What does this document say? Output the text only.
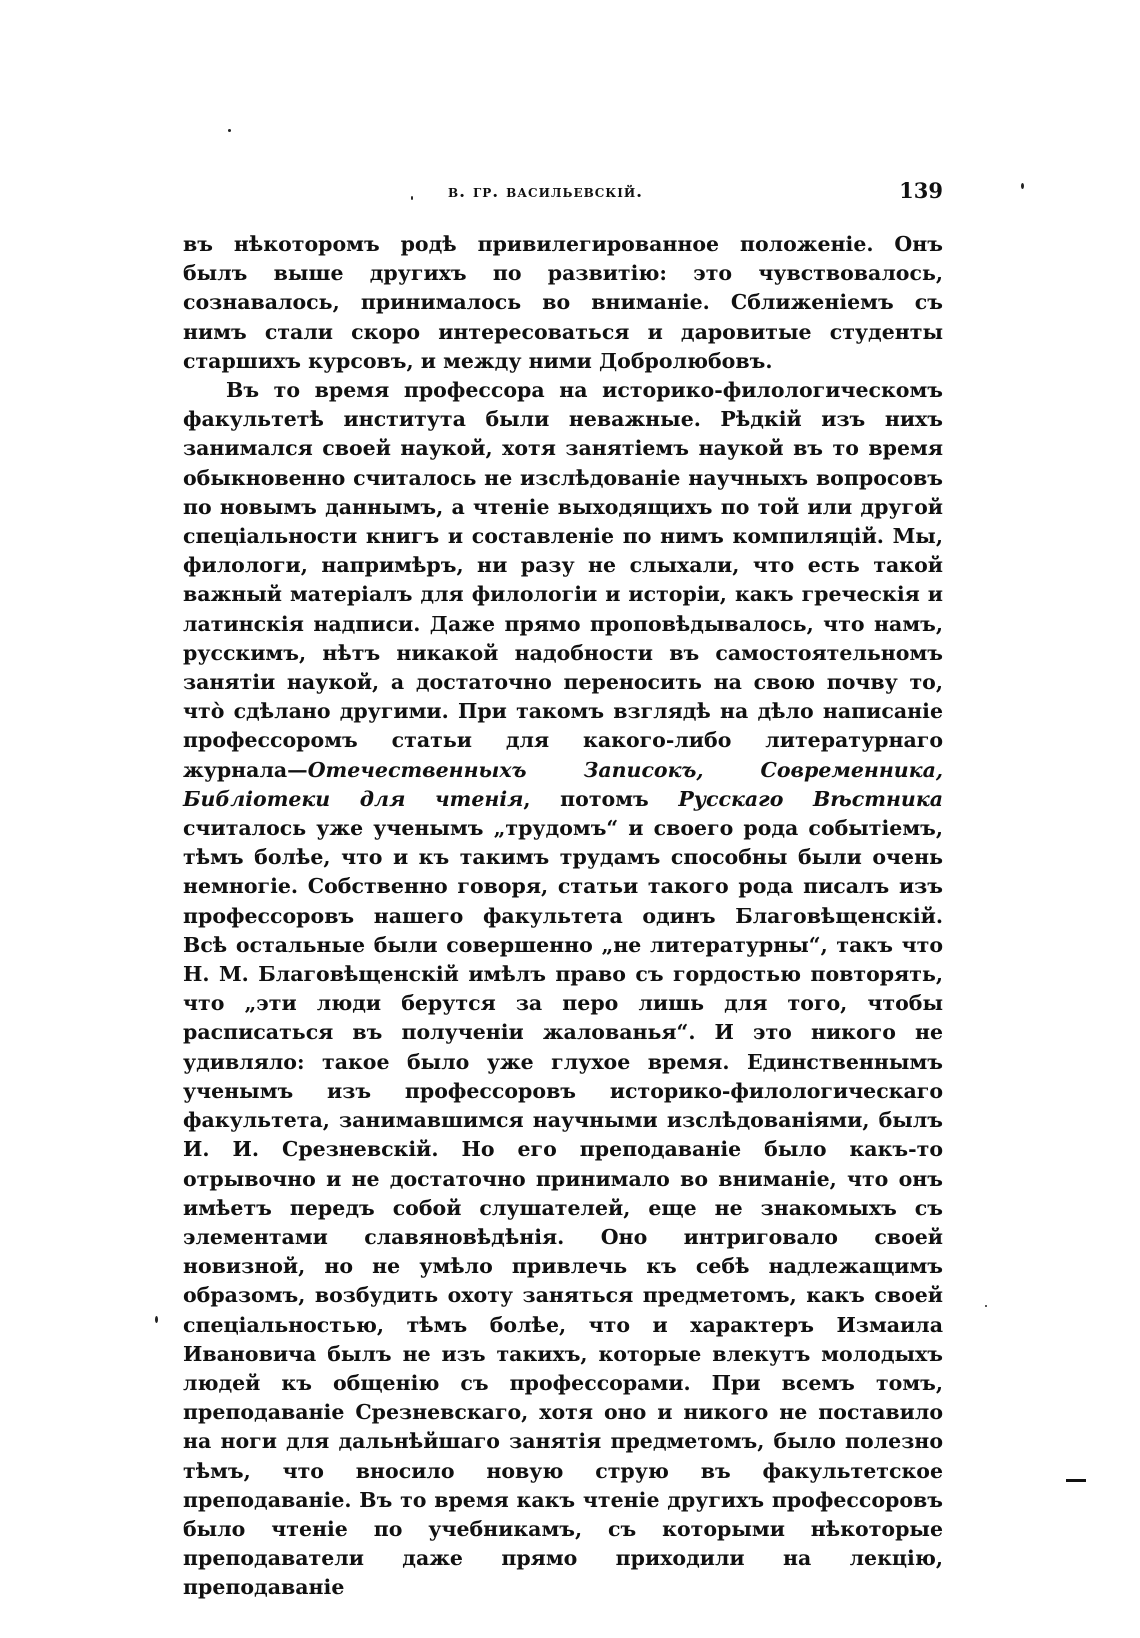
в. гр. васильевскій.	139

въ нѣкоторомъ родѣ привилегированное положеніе. Онъ былъ выше другихъ по развитію: это чувствовалось, сознавалось, принималось во вниманіе. Сближеніемъ съ нимъ стали скоро интересоваться и даровитые студенты старшихъ курсовъ, и между ними Добролюбовъ.

Въ то время профессора на историко-филологическомъ факультетѣ института были неважные. Рѣдкій изъ нихъ занимался своей наукой, хотя занятіемъ наукой въ то время обыкновенно считалось не изслѣдованіе научныхъ вопросовъ по новымъ даннымъ, а чтеніе выходящихъ по той или другой спеціальности книгъ и составленіе по нимъ компиляцій. Мы, филологи, напримѣръ, ни разу не слыхали, что есть такой важный матеріалъ для филологіи и исторіи, какъ греческія и латинскія надписи. Даже прямо проповѣдывалось, что намъ, русскимъ, нѣтъ никакой надобности въ самостоятельномъ занятіи наукой, а достаточно переносить на свою почву то, что̀ сдѣлано другими. При такомъ взглядѣ на дѣло написаніе профессоромъ статьи для какого-либо литературнаго журнала—Отечественныхъ Записокъ, Современника, Библіотеки для чтенія, потомъ Русскаго Вѣстника считалось уже ученымъ „трудомъ“ и своего рода событіемъ, тѣмъ болѣе, что и къ такимъ трудамъ способны были очень немногіе. Собственно говоря, статьи такого рода писалъ изъ профессоровъ нашего факультета одинъ Благовѣщенскій. Всѣ остальные были совершенно „не литературны“, такъ что Н. М. Благовѣщенскій имѣлъ право съ гордостью повторять, что „эти люди берутся за перо лишь для того, чтобы расписаться въ полученіи жалованья“. И это никого не удивляло: такое было уже глухое время. Единственнымъ ученымъ изъ профессоровъ историко-филологическаго факультета, занимавшимся научными изслѣдованіями, былъ И. И. Срезневскій. Но его преподаваніе было какъ-то отрывочно и не достаточно принимало во вниманіе, что онъ имѣетъ передъ собой слушателей, еще не знакомыхъ съ элементами славяновѣдѣнія. Оно интриговало своей новизной, но не умѣло привлечь къ себѣ надлежащимъ образомъ, возбудить охоту заняться предметомъ, какъ своей спеціальностью, тѣмъ болѣе, что и характеръ Измаила Ивановича былъ не изъ такихъ, которые влекутъ молодыхъ людей къ общенію съ профессорами. При всемъ томъ, преподаваніе Срезневскаго, хотя оно и никого не поставило на ноги для дальнѣйшаго занятія предметомъ, было полезно тѣмъ, что вносило новую струю въ факультетское преподаваніе. Въ то время какъ чтеніе другихъ профессоровъ было чтеніе по учебникамъ, съ которыми нѣкоторые преподаватели даже прямо приходили на лекцію, преподаваніе
